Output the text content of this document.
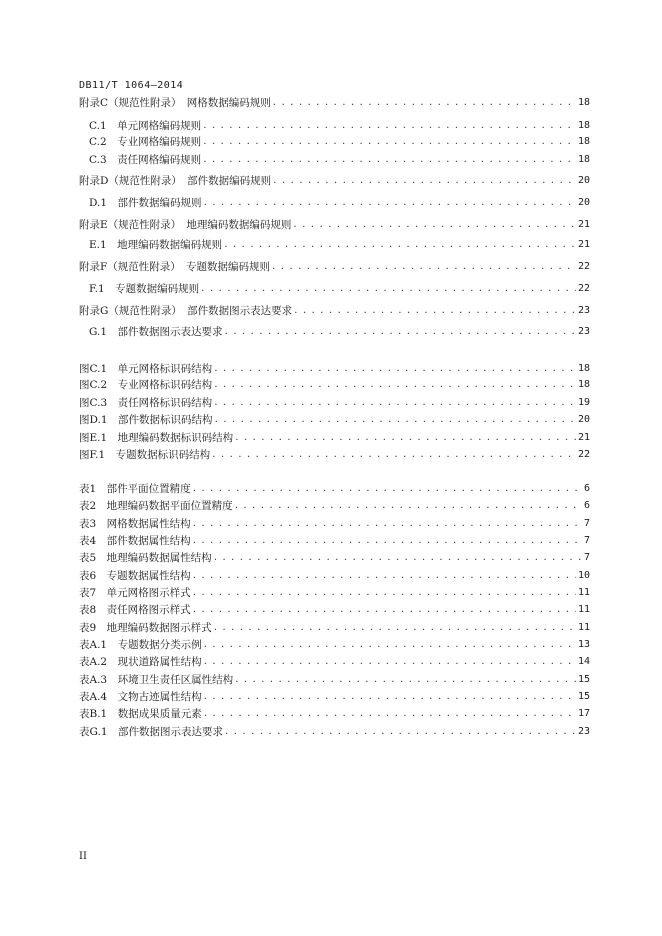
DB11/T 1064—2014
附录C（规范性附录）　网格数据编码规则 . . .	18
C.1　单元网格编码规则 . . .	18
C.2　专业网格编码规则 . . .	18
C.3　责任网格编码规则 . . .	18
附录D（规范性附录）　部件数据编码规则 . . .	20
D.1　部件数据编码规则 . . .	20
附录E（规范性附录）　地理编码数据编码规则 . . .	21
E.1　地理编码数据编码规则 . . .	21
附录F（规范性附录）　专题数据编码规则 . . .	22
F.1　专题数据编码规则 . . .	22
附录G（规范性附录）　部件数据图示表达要求 . . .	23
G.1　部件数据图示表达要求 . . .	23
图C.1　单元网格标识码结构 . . .	18
图C.2　专业网格标识码结构 . . .	18
图C.3　责任网格标识码结构 . . .	19
图D.1　部件数据标识码结构 . . .	20
图E.1　地理编码数据标识码结构 . . .	21
图F.1　专题数据标识码结构 . . .	22
表1　部件平面位置精度 . . .	6
表2　地理编码数据平面位置精度 . . .	6
表3　网格数据属性结构 . . .	7
表4　部件数据属性结构 . . .	7
表5　地理编码数据属性结构 . . .	7
表6　专题数据属性结构 . . .	10
表7　单元网格图示样式 . . .	11
表8　责任网格图示样式 . . .	11
表9　地理编码数据图示样式 . . .	11
表A.1　专题数据分类示例 . . .	13
表A.2　现状道路属性结构 . . .	14
表A.3　环境卫生责任区属性结构 . . .	15
表A.4　文物古迹属性结构 . . .	15
表B.1　数据成果质量元素 . . .	17
表G.1　部件数据图示表达要求 . . .	23
II
